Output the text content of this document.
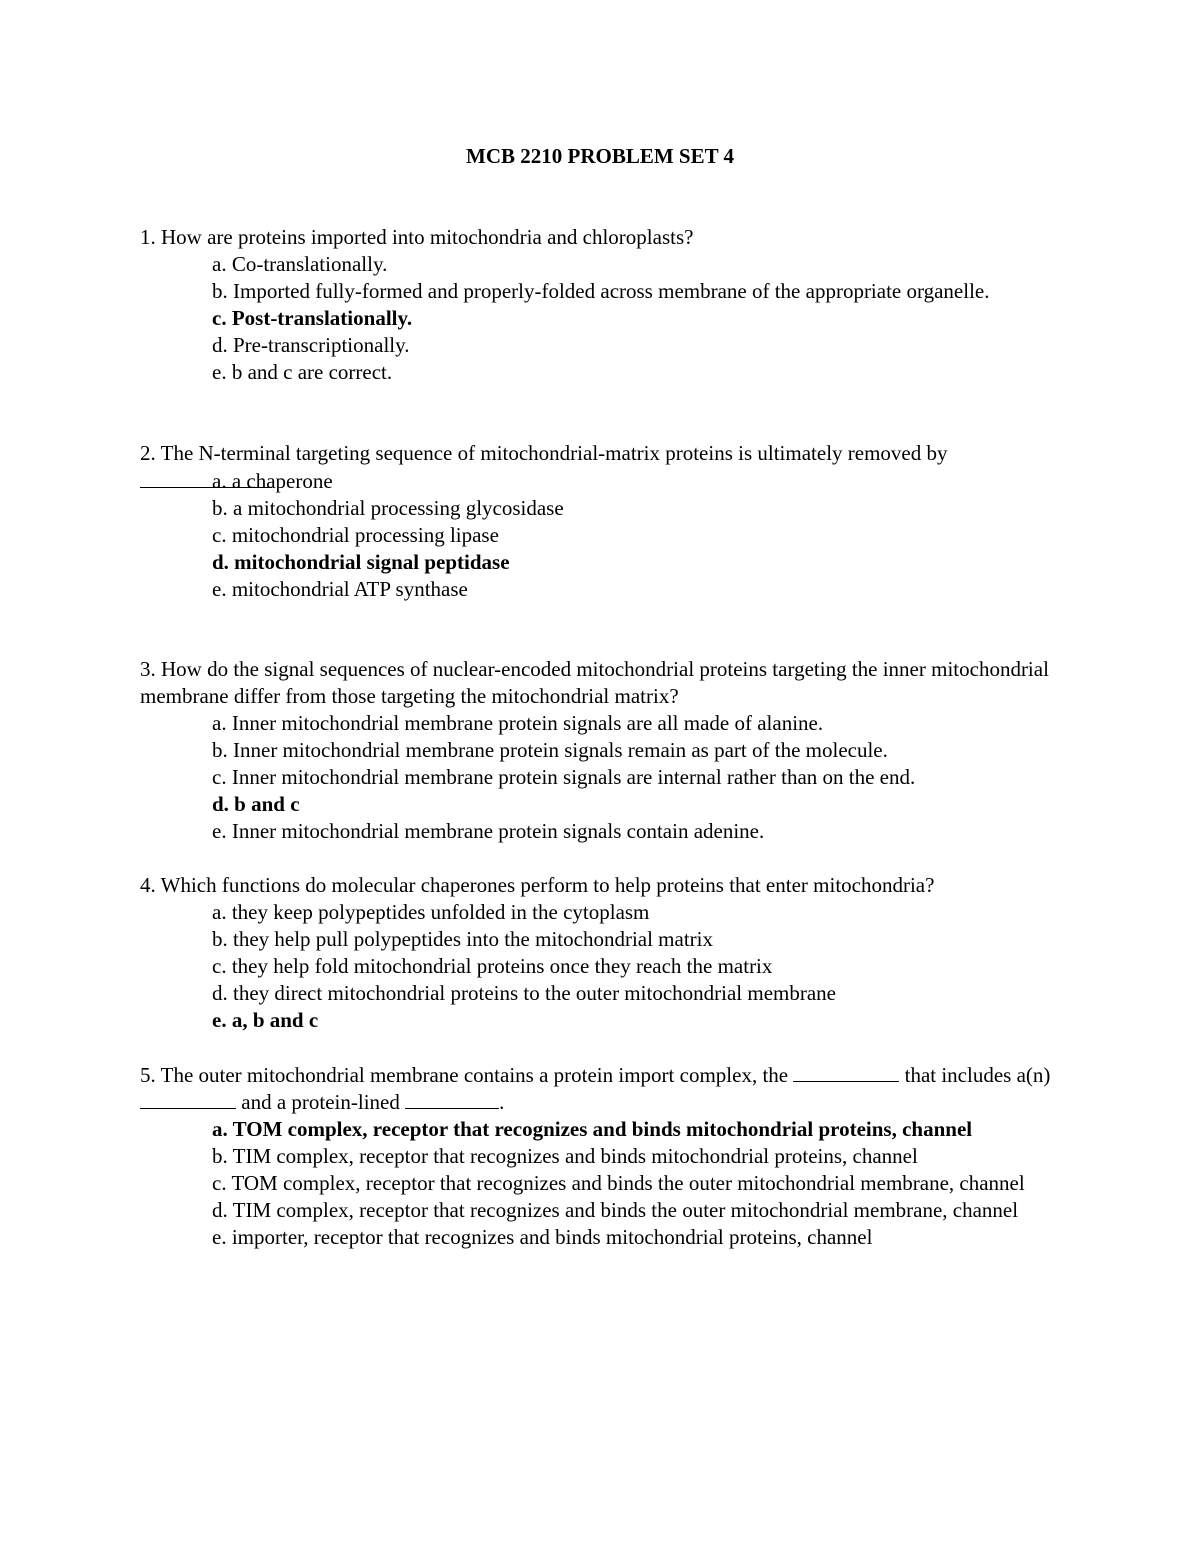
MCB 2210 PROBLEM SET 4

1. How are proteins imported into mitochondria and chloroplasts?

a. Co-translationally.
b. Imported fully-formed and properly-folded across membrane of the appropriate organelle.
c. Post-translationally.
d. Pre-transcriptionally.
e. b and c are correct.

2. The N-terminal targeting sequence of mitochondrial-matrix proteins is ultimately removed by

a. a chaperone
b. a mitochondrial processing glycosidase
c. mitochondrial processing lipase
d. mitochondrial signal peptidase
e. mitochondrial ATP synthase

3. How do the signal sequences of nuclear-encoded mitochondrial proteins targeting the inner mitochondrial membrane differ from those targeting the mitochondrial matrix?

a. Inner mitochondrial membrane protein signals are all made of alanine.
b. Inner mitochondrial membrane protein signals remain as part of the molecule.
c. Inner mitochondrial membrane protein signals are internal rather than on the end.
d. b and c
e. Inner mitochondrial membrane protein signals contain adenine.

4. Which functions do molecular chaperones perform to help proteins that enter mitochondria?

a. they keep polypeptides unfolded in the cytoplasm
b. they help pull polypeptides into the mitochondrial matrix
c. they help fold mitochondrial proteins once they reach the matrix
d. they direct mitochondrial proteins to the outer mitochondrial membrane
e. a, b and c

5. The outer mitochondrial membrane contains a protein import complex, the	that includes a(n)  and a protein-lined	.

a. TOM complex, receptor that recognizes and binds mitochondrial proteins, channel
b. TIM complex, receptor that recognizes and binds mitochondrial proteins, channel
c. TOM complex, receptor that recognizes and binds the outer mitochondrial membrane, channel
d. TIM complex, receptor that recognizes and binds the outer mitochondrial membrane, channel
e. importer, receptor that recognizes and binds mitochondrial proteins, channel
